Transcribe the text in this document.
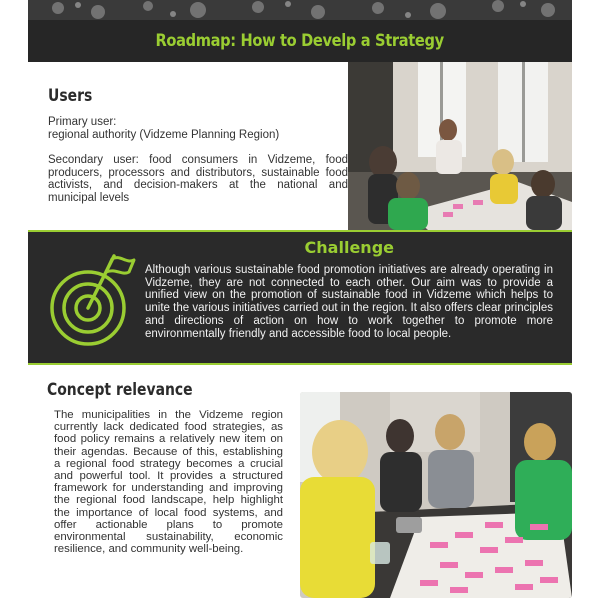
Roadmap: How to Develp a Strategy
Users
Primary user:
regional authority (Vidzeme Planning Region)
Secondary user: food consumers in Vidzeme, food producers, processors and distributors, sustainable food activists, and decision-makers at the national and municipal levels
Challenge
Although various sustainable food promotion initiatives are already operating in Vidzeme, they are not connected to each other. Our aim was to provide a unified view on the promotion of sustainable food in Vidzeme which helps to unite the various initiatives carried out in the region. It also offers clear principles and directions of action on how to work together to promote more environmentally friendly and accessible food to local people.
Concept relevance
The municipalities in the Vidzeme region currently lack dedicated food strategies, as food policy remains a relatively new item on their agendas. Because of this, establishing a regional food strategy becomes a crucial and powerful tool. It provides a structured framework for understanding and improving the regional food landscape, help highlight the importance of local food systems, and offer actionable plans to promote environmental sustainability, economic resilience, and community well-being.
